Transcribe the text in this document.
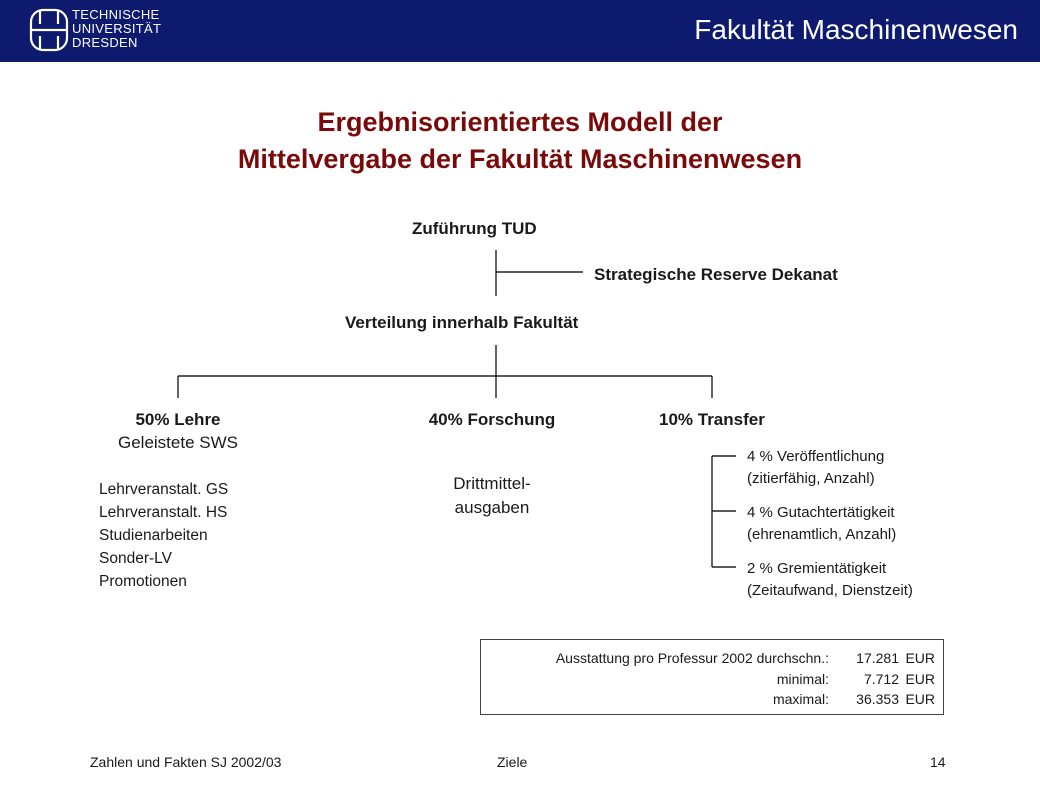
TECHNISCHE
UNIVERSITÄT
DRESDEN	Fakultät Maschinenwesen
Ergebnisorientiertes Modell der
Mittelvergabe der Fakultät Maschinenwesen
Zuführung TUD
Strategische Reserve Dekanat
Verteilung innerhalb Fakultät
50% Lehre
Geleistete SWS
Lehrveranstalt. GS
Lehrveranstalt. HS
Studienarbeiten
Sonder-LV
Promotionen
40% Forschung
Drittmittel-
ausgaben
10% Transfer
4 % Veröffentlichung
(zitierfähig, Anzahl)
4 % Gutachtertätigkeit
(ehrenamtlich, Anzahl)
2 % Gremientätigkeit
(Zeitaufwand, Dienstzeit)
Ausstattung pro Professur 2002 durchschn.: 17.281 EUR
minimal: 7.712 EUR
maximal: 36.353 EUR
Zahlen und Fakten SJ 2002/03	Ziele	14
